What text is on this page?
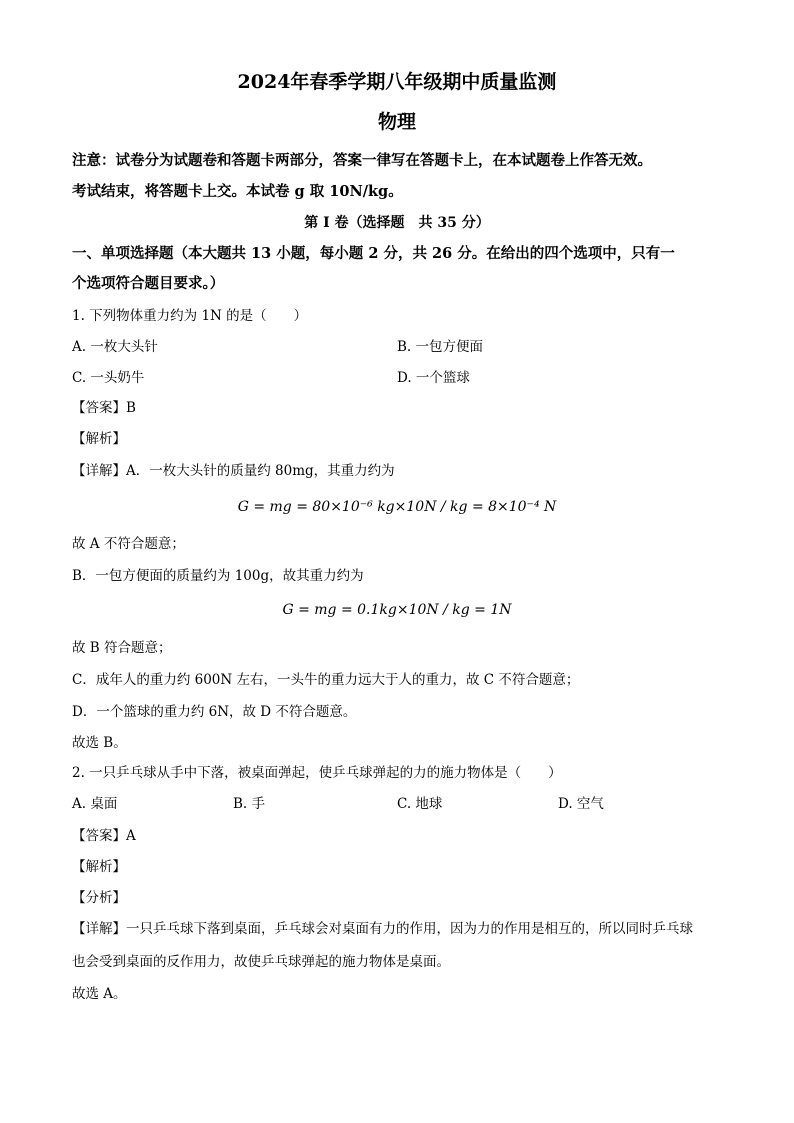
2024年春季学期八年级期中质量监测
物理
注意：试卷分为试题卷和答题卡两部分，答案一律写在答题卡上，在本试题卷上作答无效。
考试结束，将答题卡上交。本试卷 g 取 10N/kg。
第 I 卷（选择题　共 35 分）
一、单项选择题（本大题共 13 小题，每小题 2 分，共 26 分。在给出的四个选项中，只有一
个选项符合题目要求。）
1. 下列物体重力约为 1N 的是（　　）
A. 一枚大头针	B. 一包方便面
C. 一头奶牛	D. 一个篮球
【答案】B
【解析】
【详解】A．一枚大头针的质量约 80mg，其重力约为
G = mg = 80×10⁻⁶ kg×10N / kg = 8×10⁻⁴ N
故 A 不符合题意；
B．一包方便面的质量约为 100g，故其重力约为
G = mg = 0.1kg×10N / kg = 1N
故 B 符合题意；
C．成年人的重力约 600N 左右，一头牛的重力远大于人的重力，故 C 不符合题意；
D．一个篮球的重力约 6N，故 D 不符合题意。
故选 B。
2. 一只乒乓球从手中下落，被桌面弹起，使乒乓球弹起的力的施力物体是（　　）
A. 桌面	B. 手	C. 地球	D. 空气
【答案】A
【解析】
【分析】
【详解】一只乒乓球下落到桌面，乒乓球会对桌面有力的作用，因为力的作用是相互的，所以同时乒乓球
也会受到桌面的反作用力，故使乒乓球弹起的施力物体是桌面。
故选 A。
